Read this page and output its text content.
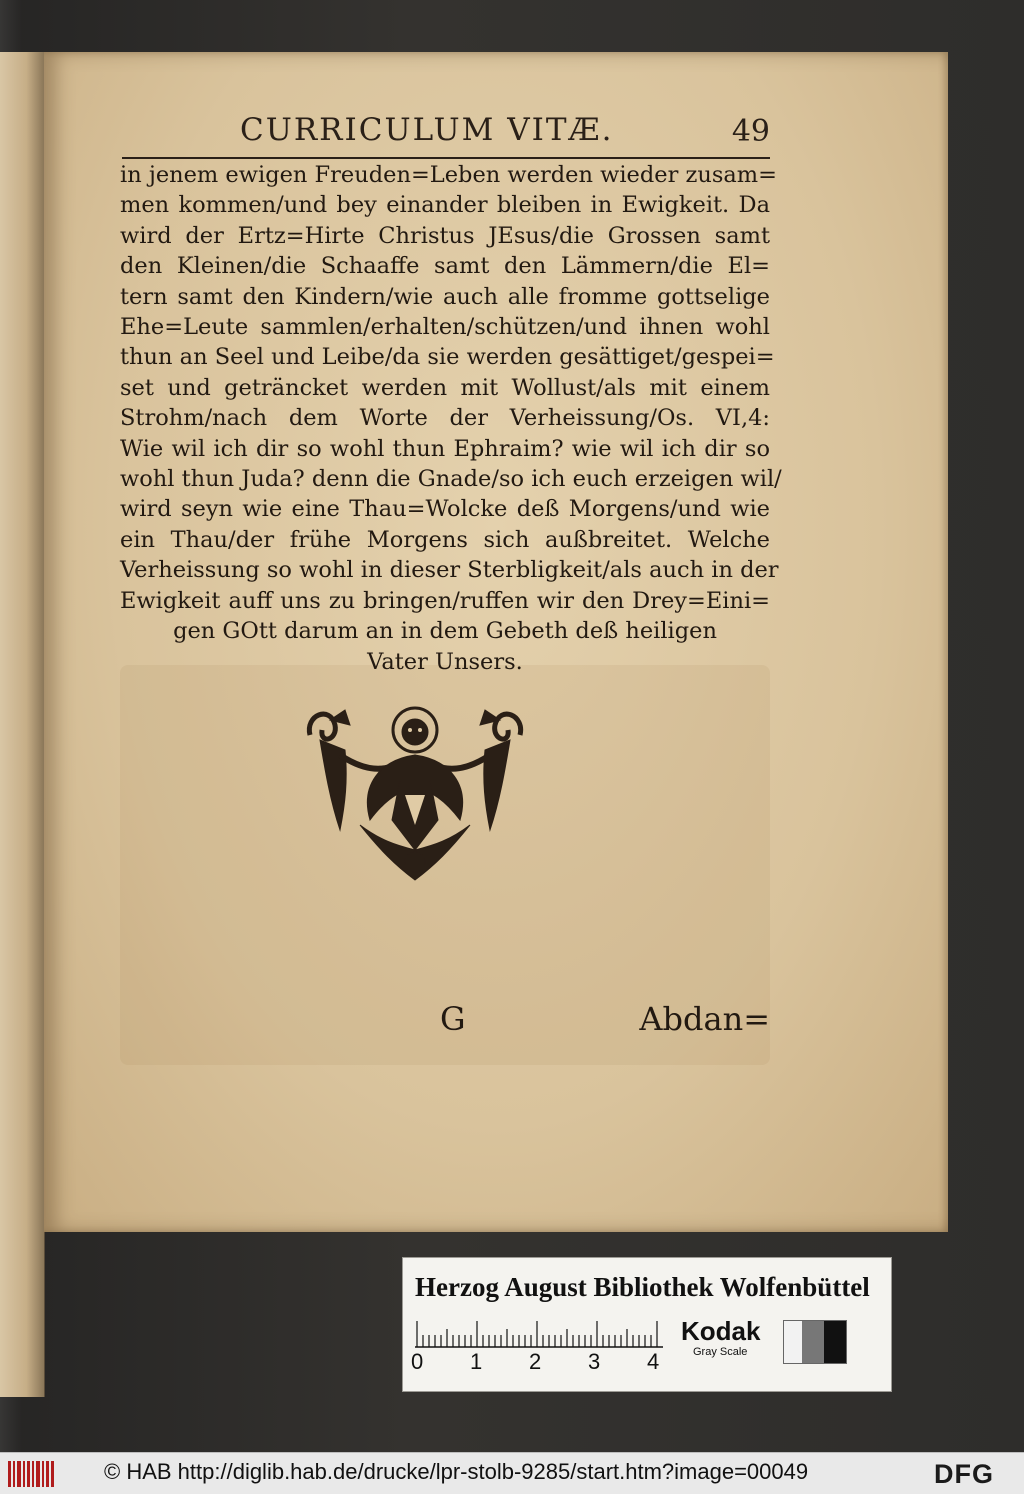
CURRICULUM VITÆ.	49
in jenem ewigen Freuden=Leben werden wieder zusam=
men kommen/und bey einander bleiben in Ewigkeit. Da
wird der Ertz=Hirte Christus JEsus/die Grossen samt
den Kleinen/die Schaaffe samt den Lämmern/die El=
tern samt den Kindern/wie auch alle fromme gottselige
Ehe=Leute sammlen/erhalten/schützen/und ihnen wohl
thun an Seel und Leibe/da sie werden gesättiget/gespei=
set und geträncket werden mit Wollust/als mit einem
Strohm/nach dem Worte der Verheissung/Os. VI,4:
Wie wil ich dir so wohl thun Ephraim? wie wil ich dir so
wohl thun Juda? denn die Gnade/so ich euch erzeigen wil/
wird seyn wie eine Thau=Wolcke deß Morgens/und wie
ein Thau/der frühe Morgens sich außbreitet. Welche
Verheissung so wohl in dieser Sterbligkeit/als auch in der
Ewigkeit auff uns zu bringen/ruffen wir den Drey=Eini=
gen GOtt darum an in dem Gebeth deß heiligen
Vater Unsers.
G	Abdan=
Herzog August Bibliothek Wolfenbüttel
0 1 2 3 4
Kodak
Gray Scale
© HAB http://diglib.hab.de/drucke/lpr-stolb-9285/start.htm?image=00049	DFG
